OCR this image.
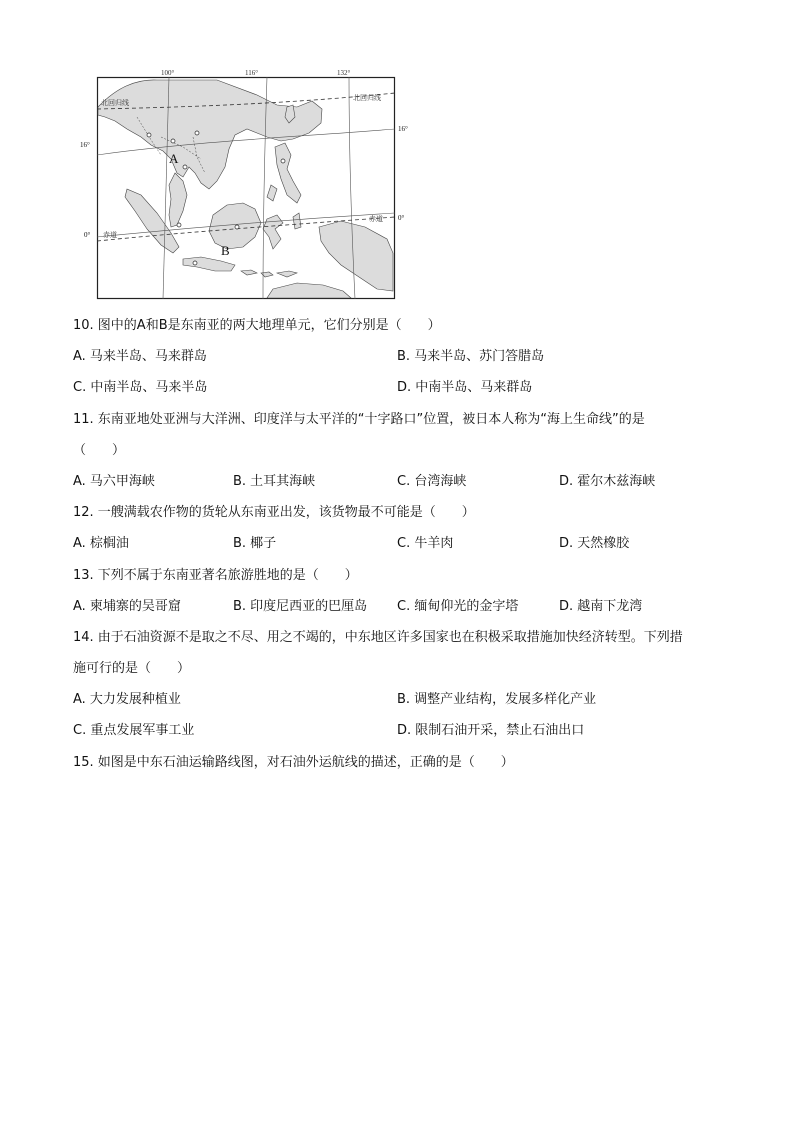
100°	116°	132°
北回归线
北回归线
赤道
赤道
A
B
16°
16°
0°
0°
10. 图中的A和B是东南亚的两大地理单元，它们分别是（　　）
A. 马来半岛、马来群岛	B. 马来半岛、苏门答腊岛
C. 中南半岛、马来半岛	D. 中南半岛、马来群岛
11. 东南亚地处亚洲与大洋洲、印度洋与太平洋的“十字路口”位置，被日本人称为“海上生命线”的是
（　　）
A. 马六甲海峡	B. 土耳其海峡	C. 台湾海峡	D. 霍尔木兹海峡
12. 一艘满载农作物的货轮从东南亚出发，该货物最不可能是（　　）
A. 棕榈油	B. 椰子	C. 牛羊肉	D. 天然橡胶
13. 下列不属于东南亚著名旅游胜地的是（　　）
A. 柬埔寨的吴哥窟	B. 印度尼西亚的巴厘岛 C. 缅甸仰光的金字塔	D. 越南下龙湾
14. 由于石油资源不是取之不尽、用之不竭的，中东地区许多国家也在积极采取措施加快经济转型。下列措
施可行的是（　　）
A. 大力发展种植业	B. 调整产业结构，发展多样化产业
C. 重点发展军事工业	D. 限制石油开采，禁止石油出口
15. 如图是中东石油运输路线图，对石油外运航线的描述，正确的是（　　）
